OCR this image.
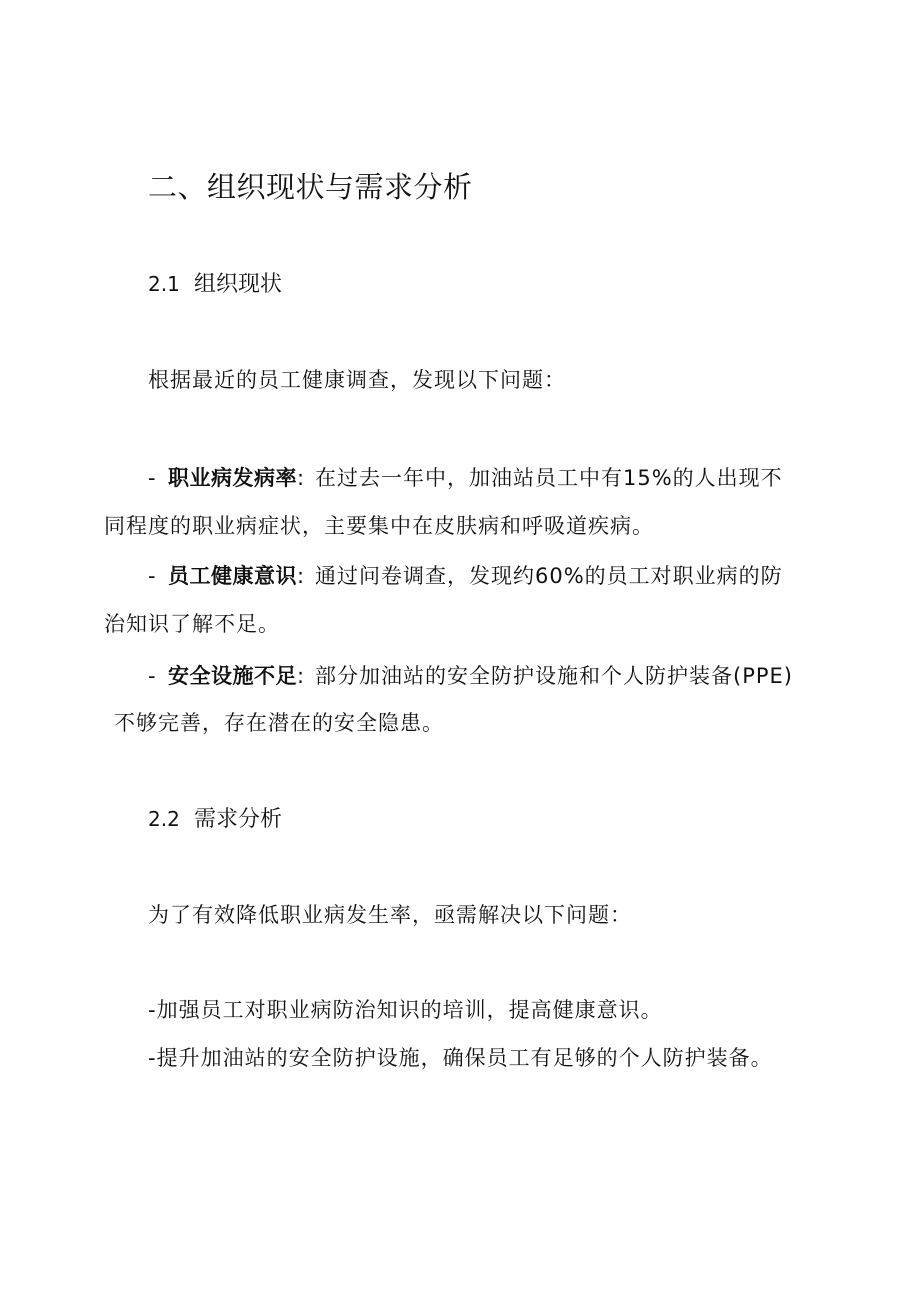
二、组织现状与需求分析
2.1 组织现状
根据最近的员工健康调查，发现以下问题：
- 职业病发病率: 在过去一年中，加油站员工中有15%的人出现不
同程度的职业病症状，主要集中在皮肤病和呼吸道疾病。
- 员工健康意识: 通过问卷调查，发现约60%的员工对职业病的防
治知识了解不足。
- 安全设施不足: 部分加油站的安全防护设施和个人防护装备(PPE)
不够完善，存在潜在的安全隐患。
2.2 需求分析
为了有效降低职业病发生率，亟需解决以下问题：
-加强员工对职业病防治知识的培训，提高健康意识。
-提升加油站的安全防护设施，确保员工有足够的个人防护装备。
